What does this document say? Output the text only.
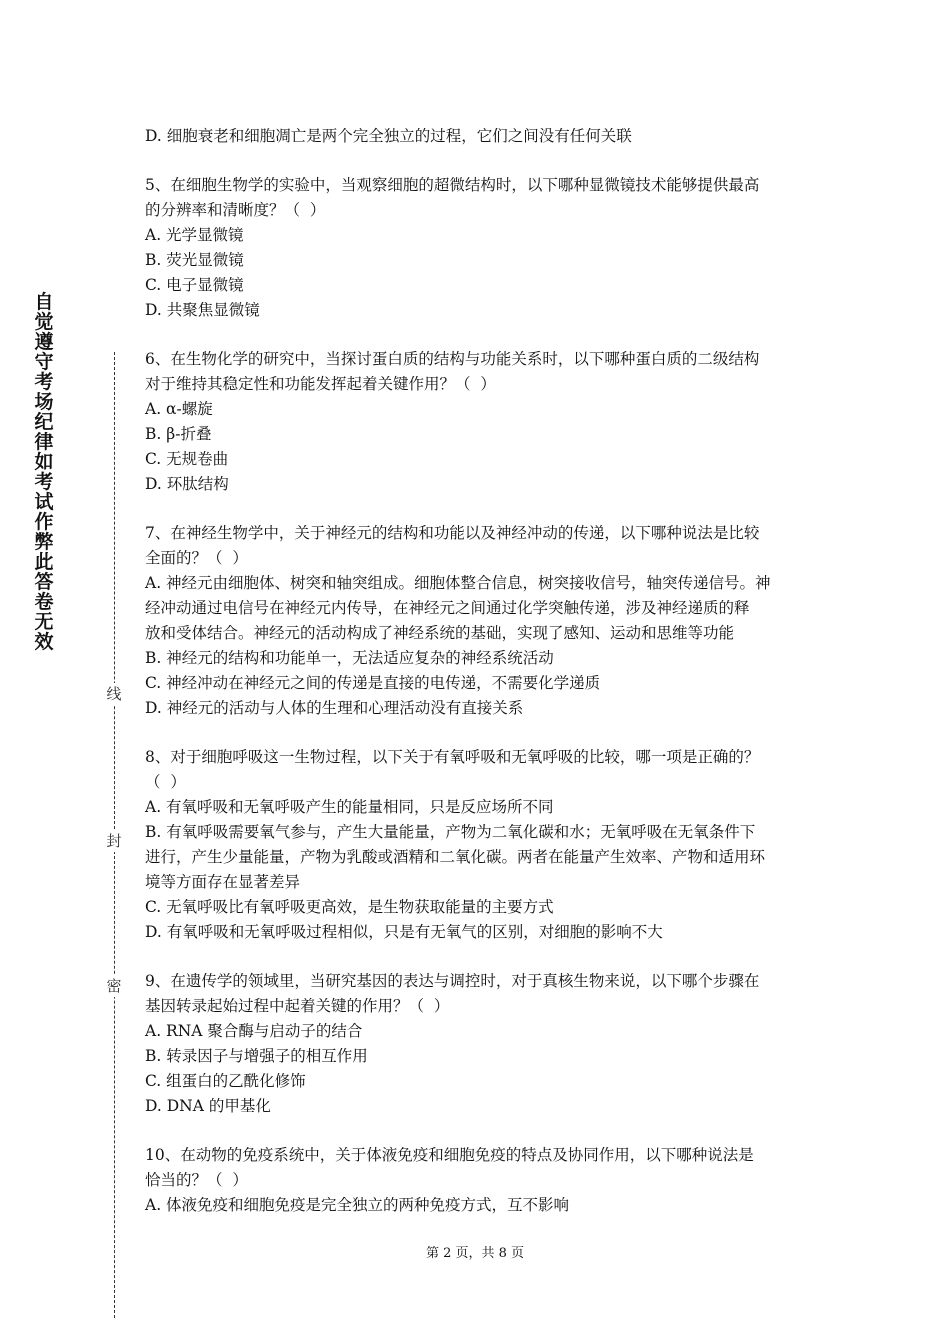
自觉遵守考场纪律如考试作弊此答卷无效
线
封
密
D. 细胞衰老和细胞凋亡是两个完全独立的过程，它们之间没有任何关联
5、在细胞生物学的实验中，当观察细胞的超微结构时，以下哪种显微镜技术能够提供最高
的分辨率和清晰度？（  ）
A. 光学显微镜
B. 荧光显微镜
C. 电子显微镜
D. 共聚焦显微镜
6、在生物化学的研究中，当探讨蛋白质的结构与功能关系时，以下哪种蛋白质的二级结构
对于维持其稳定性和功能发挥起着关键作用？（  ）
A. α-螺旋
B. β-折叠
C. 无规卷曲
D. 环肽结构
7、在神经生物学中，关于神经元的结构和功能以及神经冲动的传递，以下哪种说法是比较
全面的？（  ）
A. 神经元由细胞体、树突和轴突组成。细胞体整合信息，树突接收信号，轴突传递信号。神
经冲动通过电信号在神经元内传导，在神经元之间通过化学突触传递，涉及神经递质的释
放和受体结合。神经元的活动构成了神经系统的基础，实现了感知、运动和思维等功能
B. 神经元的结构和功能单一，无法适应复杂的神经系统活动
C. 神经冲动在神经元之间的传递是直接的电传递，不需要化学递质
D. 神经元的活动与人体的生理和心理活动没有直接关系
8、对于细胞呼吸这一生物过程，以下关于有氧呼吸和无氧呼吸的比较，哪一项是正确的？
（  ）
A. 有氧呼吸和无氧呼吸产生的能量相同，只是反应场所不同
B. 有氧呼吸需要氧气参与，产生大量能量，产物为二氧化碳和水；无氧呼吸在无氧条件下
进行，产生少量能量，产物为乳酸或酒精和二氧化碳。两者在能量产生效率、产物和适用环
境等方面存在显著差异
C. 无氧呼吸比有氧呼吸更高效，是生物获取能量的主要方式
D. 有氧呼吸和无氧呼吸过程相似，只是有无氧气的区别，对细胞的影响不大
9、在遗传学的领域里，当研究基因的表达与调控时，对于真核生物来说，以下哪个步骤在
基因转录起始过程中起着关键的作用？（  ）
A. RNA 聚合酶与启动子的结合
B. 转录因子与增强子的相互作用
C. 组蛋白的乙酰化修饰
D. DNA 的甲基化
10、在动物的免疫系统中，关于体液免疫和细胞免疫的特点及协同作用，以下哪种说法是
恰当的？（  ）
A. 体液免疫和细胞免疫是完全独立的两种免疫方式，互不影响
第 2 页，共 8 页
